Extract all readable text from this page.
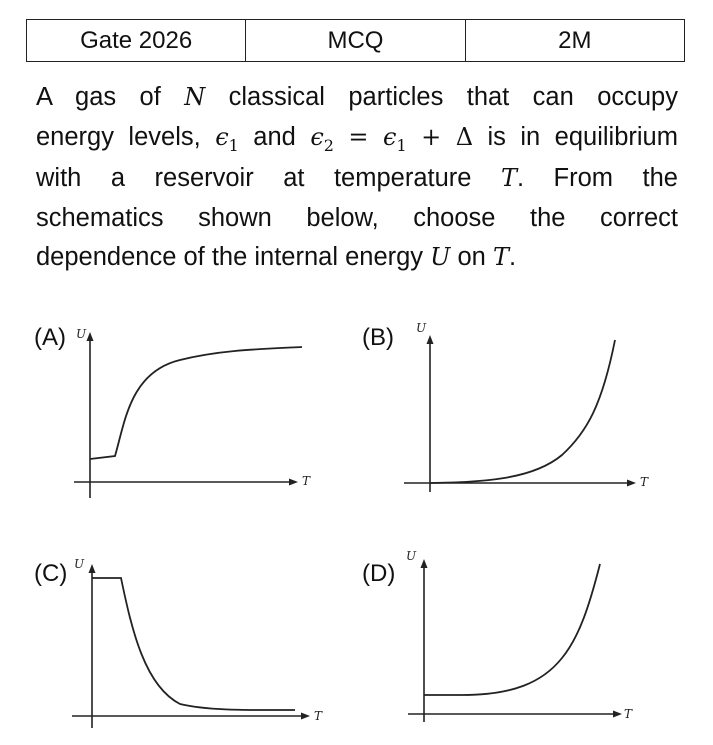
Gate 2026	MCQ	2M
A gas of N classical particles that can occupy
energy levels, $\epsilon_1$ and $\epsilon_2 = \epsilon_1 + \Delta$ is in equilibrium
with a reservoir at temperature T. From the
schematics shown below, choose the correct
dependence of the internal energy U on T.
(A) U
T
(B) U
T
(C) U
T
(D)
U
T
